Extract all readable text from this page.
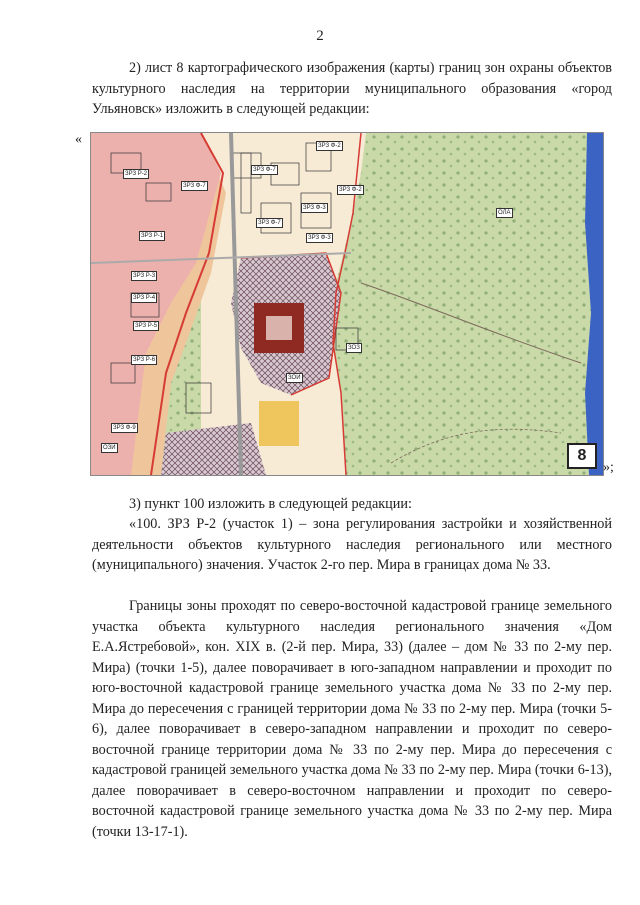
2
2) лист 8 картографического изображения (карты) границ зон охраны объектов культурного наследия на территории муниципального образования «город Ульяновск» изложить в следующей редакции:
«	ЗРЗ Ф-2
ЗРЗ Ф-2
ЗРЗ Р-2
ЗРЗ Ф-7
ЗРЗ Ф-7
ЗРЗ Ф-7
ЗРЗ Р-1
ЗРЗ Ф-3
ЗРЗ Р-3
ЗРЗ Ф-3
ЗРЗ Р-5
ЗРЗ Р-6
ЗРЗ Р-4
ЗРЗ Ф-9
ОЛА
ЗОИ
ЗОЗ
ОЗИ	8
»;
3) пункт 100 изложить в следующей редакции:
«100. ЗРЗ Р-2 (участок 1) – зона регулирования застройки и хозяйственной деятельности объектов культурного наследия регионального или местного (муниципального) значения. Участок 2-го пер. Мира в границах дома № 33.
Границы зоны проходят по северо-восточной кадастровой границе земельного участка объекта культурного наследия регионального значения «Дом Е.А.Ястребовой», кон. XIX в. (2-й пер. Мира, 33) (далее – дом № 33 по 2-му пер. Мира) (точки 1-5), далее поворачивает в юго-западном направлении и проходит по юго-восточной кадастровой границе земельного участка дома № 33 по 2-му пер. Мира до пересечения с границей территории дома № 33 по 2-му пер. Мира (точки 5-6), далее поворачивает в северо-западном направлении и проходит по северо-восточной границе территории дома № 33 по 2-му пер. Мира до пересечения с кадастровой границей земельного участка дома № 33 по 2-му пер. Мира (точки 6-13), далее поворачивает в северо-восточном направлении и проходит по северо-восточной кадастровой границе земельного участка дома № 33 по 2-му пер. Мира (точки 13-17-1).
